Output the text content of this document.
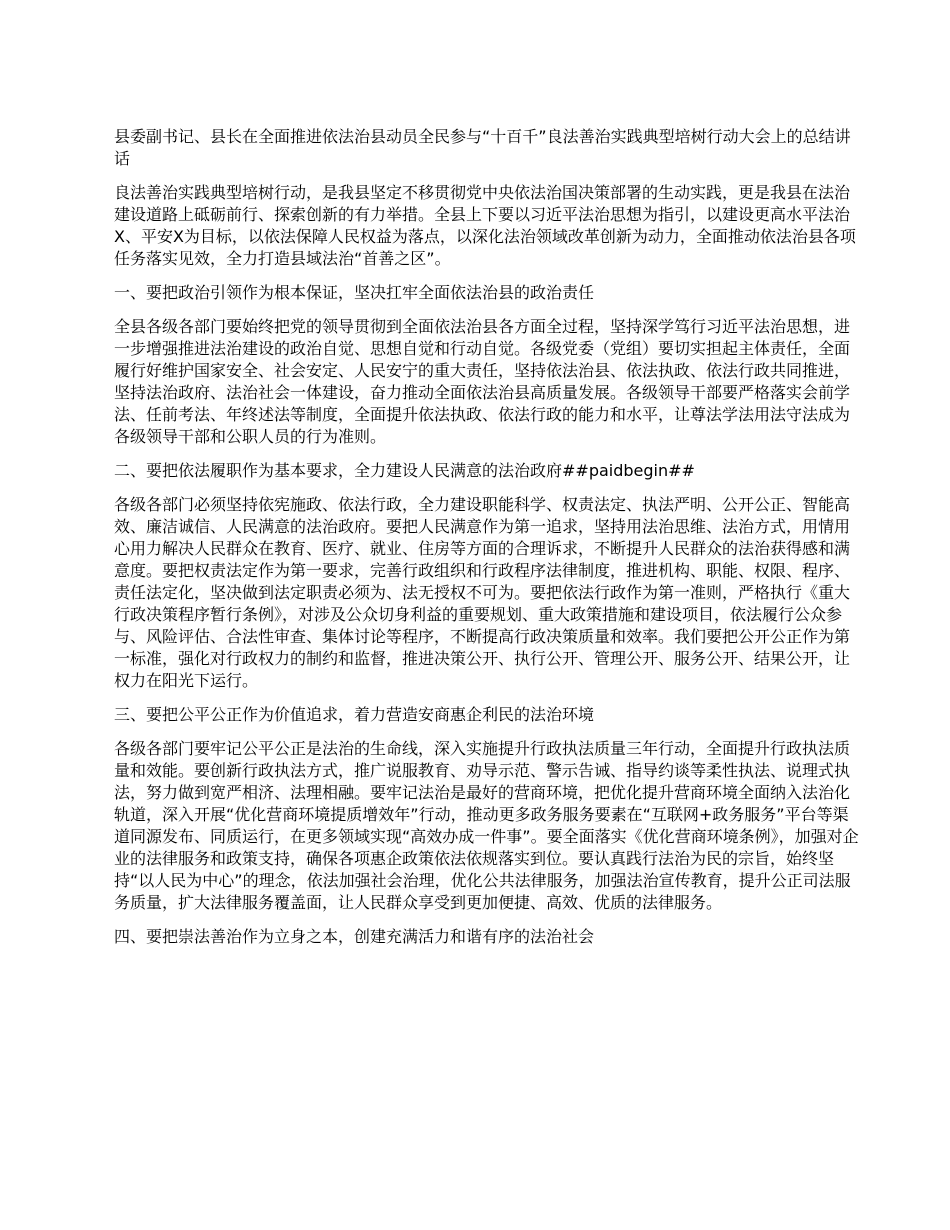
县委副书记、县长在全面推进依法治县动员全民参与“十百千”良法善治实践典型培树行动大会上的总结讲话

良法善治实践典型培树行动，是我县坚定不移贯彻党中央依法治国决策部署的生动实践，更是我县在法治建设道路上砥砺前行、探索创新的有力举措。全县上下要以习近平法治思想为指引，以建设更高水平法治X、平安X为目标，以依法保障人民权益为落点，以深化法治领域改革创新为动力，全面推动依法治县各项任务落实见效，全力打造县域法治“首善之区”。

一、要把政治引领作为根本保证，坚决扛牢全面依法治县的政治责任

全县各级各部门要始终把党的领导贯彻到全面依法治县各方面全过程，坚持深学笃行习近平法治思想，进一步增强推进法治建设的政治自觉、思想自觉和行动自觉。各级党委（党组）要切实担起主体责任，全面履行好维护国家安全、社会安定、人民安宁的重大责任，坚持依法治县、依法执政、依法行政共同推进，坚持法治政府、法治社会一体建设，奋力推动全面依法治县高质量发展。各级领导干部要严格落实会前学法、任前考法、年终述法等制度，全面提升依法执政、依法行政的能力和水平，让尊法学法用法守法成为各级领导干部和公职人员的行为准则。

二、要把依法履职作为基本要求，全力建设人民满意的法治政府##paidbegin##

各级各部门必须坚持依宪施政、依法行政，全力建设职能科学、权责法定、执法严明、公开公正、智能高效、廉洁诚信、人民满意的法治政府。要把人民满意作为第一追求，坚持用法治思维、法治方式，用情用心用力解决人民群众在教育、医疗、就业、住房等方面的合理诉求，不断提升人民群众的法治获得感和满意度。要把权责法定作为第一要求，完善行政组织和行政程序法律制度，推进机构、职能、权限、程序、责任法定化，坚决做到法定职责必须为、法无授权不可为。要把依法行政作为第一准则，严格执行《重大行政决策程序暂行条例》，对涉及公众切身利益的重要规划、重大政策措施和建设项目，依法履行公众参与、风险评估、合法性审查、集体讨论等程序，不断提高行政决策质量和效率。我们要把公开公正作为第一标准，强化对行政权力的制约和监督，推进决策公开、执行公开、管理公开、服务公开、结果公开，让权力在阳光下运行。

三、要把公平公正作为价值追求，着力营造安商惠企利民的法治环境

各级各部门要牢记公平公正是法治的生命线，深入实施提升行政执法质量三年行动，全面提升行政执法质量和效能。要创新行政执法方式，推广说服教育、劝导示范、警示告诫、指导约谈等柔性执法、说理式执法，努力做到宽严相济、法理相融。要牢记法治是最好的营商环境，把优化提升营商环境全面纳入法治化轨道，深入开展“优化营商环境提质增效年”行动，推动更多政务服务要素在“互联网+政务服务”平台等渠道同源发布、同质运行，在更多领域实现“高效办成一件事”。要全面落实《优化营商环境条例》，加强对企业的法律服务和政策支持，确保各项惠企政策依法依规落实到位。要认真践行法治为民的宗旨，始终坚持“以人民为中心”的理念，依法加强社会治理，优化公共法律服务，加强法治宣传教育，提升公正司法服务质量，扩大法律服务覆盖面，让人民群众享受到更加便捷、高效、优质的法律服务。

四、要把崇法善治作为立身之本，创建充满活力和谐有序的法治社会
